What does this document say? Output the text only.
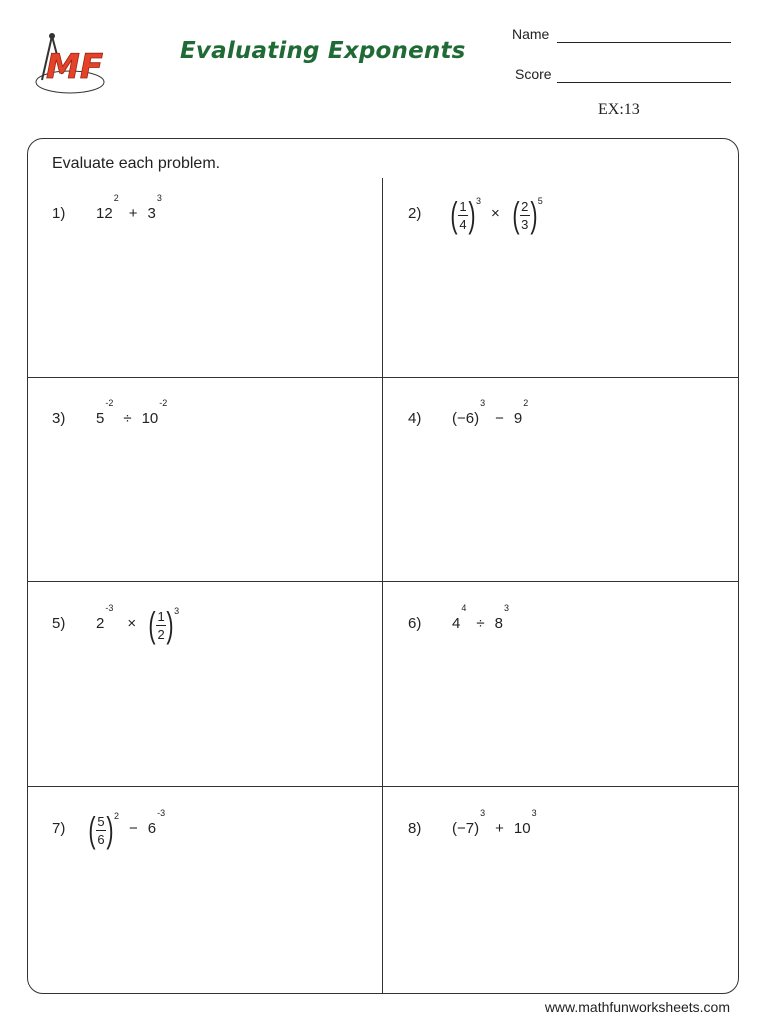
MF	Evaluating Exponents
Name
Score
EX:13
Evaluate each problem.
1) 12
$^2$
+ 3
$^3$
2) ( $\frac{1}{4}$ ) 3
× ( $\frac{2}{3}$ ) 5
3) 5
$^{-2}$
÷ 10
$^{-2}$
4) (−6)
$^3$
− 9
$^2$
5) 2
$^{-3}$
× ( $\frac{1}{2}$ ) 3
6) 4
$^4$
÷ 8
$^3$
7) ( $\frac{5}{6}$ ) 2
− 6
$^{-3}$
8) (−7)
$^3$
+ 10
$^3$
www.mathfunworksheets.com
